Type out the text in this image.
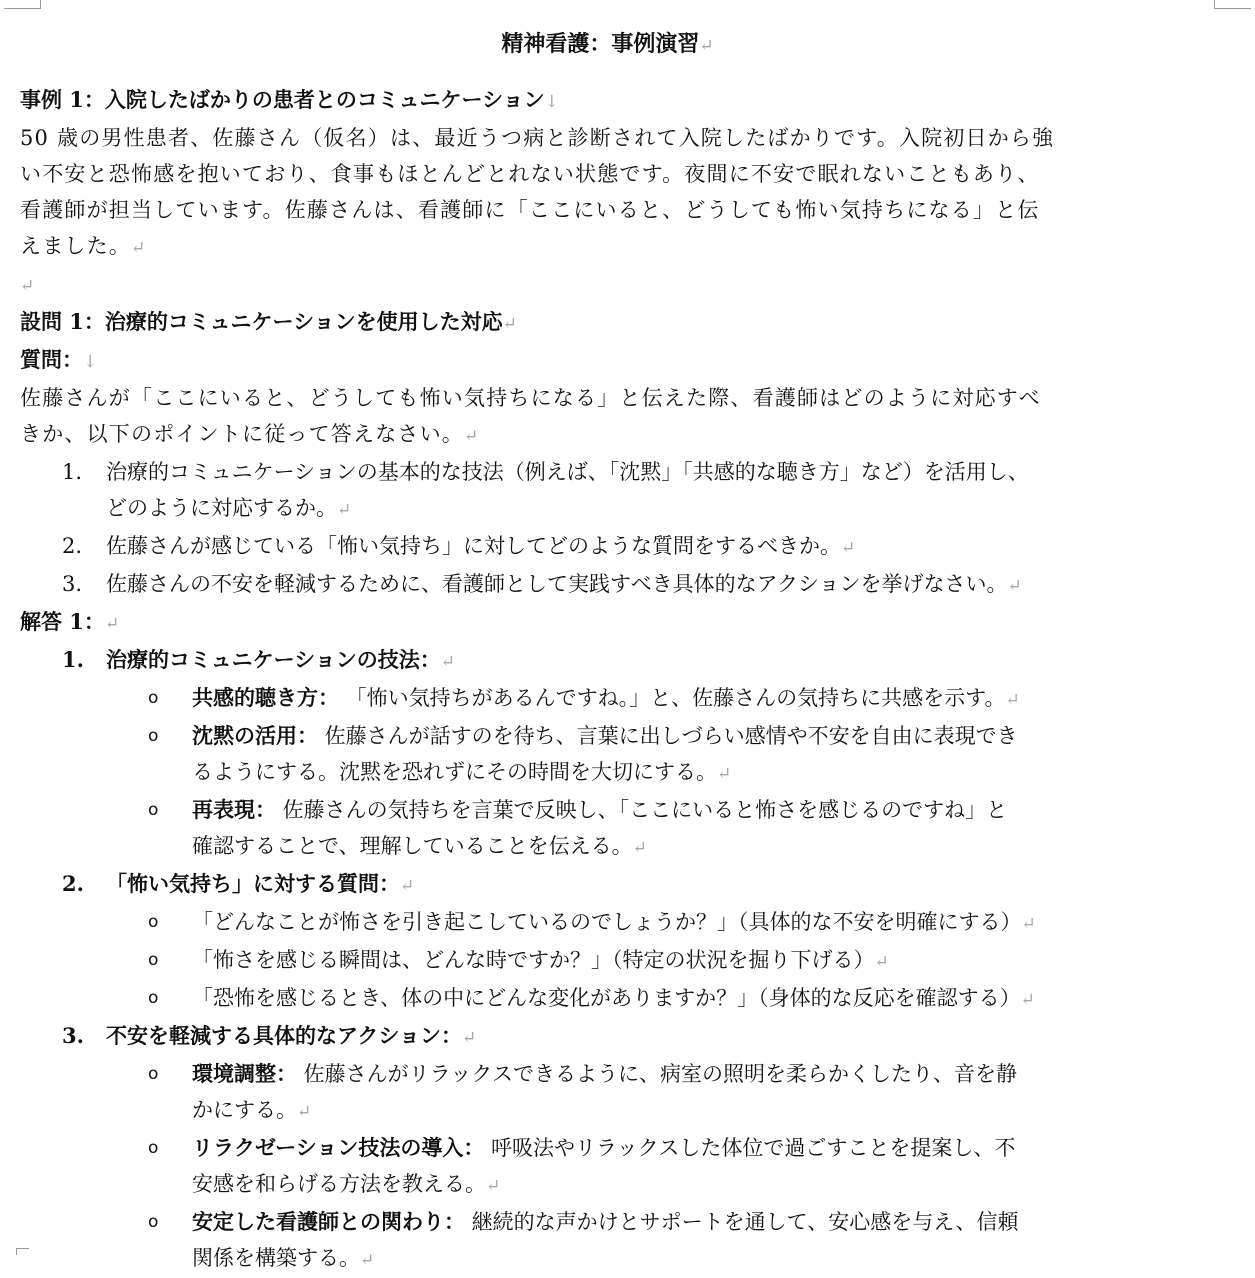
精神看護：事例演習↵
事例 1：入院したばかりの患者とのコミュニケーション↓
50 歳の男性患者、佐藤さん（仮名）は、最近うつ病と診断されて入院したばかりです。入院初日から強
い不安と恐怖感を抱いており、食事もほとんどとれない状態です。夜間に不安で眠れないこともあり、
看護師が担当しています。佐藤さんは、看護師に「ここにいると、どうしても怖い気持ちになる」と伝
えました。↵
↵
設問 1：治療的コミュニケーションを使用した対応↵
質問：↓
佐藤さんが「ここにいると、どうしても怖い気持ちになる」と伝えた際、看護師はどのように対応すべ
きか、以下のポイントに従って答えなさい。↵
1. 治療的コミュニケーションの基本的な技法（例えば、「沈黙」「共感的な聴き方」など）を活用し、
どのように対応するか。↵
2. 佐藤さんが感じている「怖い気持ち」に対してどのような質問をするべきか。↵
3. 佐藤さんの不安を軽減するために、看護師として実践すべき具体的なアクションを挙げなさい。↵
解答 1：↵
1. 治療的コミュニケーションの技法：↵
o 共感的聴き方： 「怖い気持ちがあるんですね。」と、佐藤さんの気持ちに共感を示す。↵
o 沈黙の活用： 佐藤さんが話すのを待ち、言葉に出しづらい感情や不安を自由に表現でき
るようにする。沈黙を恐れずにその時間を大切にする。↵
o 再表現： 佐藤さんの気持ちを言葉で反映し、「ここにいると怖さを感じるのですね」と
確認することで、理解していることを伝える。↵
2. 「怖い気持ち」に対する質問：↵
o 「どんなことが怖さを引き起こしているのでしょうか？」（具体的な不安を明確にする）↵
o 「怖さを感じる瞬間は、どんな時ですか？」（特定の状況を掘り下げる）↵
o 「恐怖を感じるとき、体の中にどんな変化がありますか？」（身体的な反応を確認する）↵
3. 不安を軽減する具体的なアクション：↵
o 環境調整： 佐藤さんがリラックスできるように、病室の照明を柔らかくしたり、音を静
かにする。↵
o リラクゼーション技法の導入： 呼吸法やリラックスした体位で過ごすことを提案し、不
安感を和らげる方法を教える。↵
o 安定した看護師との関わり： 継続的な声かけとサポートを通して、安心感を与え、信頼
関係を構築する。↵
